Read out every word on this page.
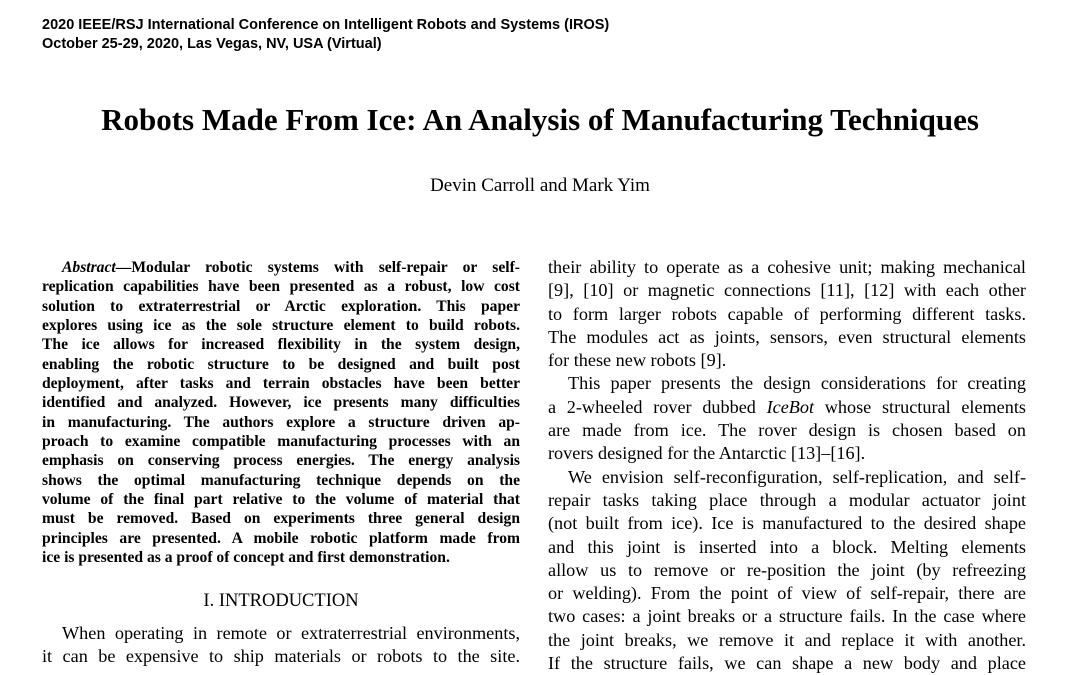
2020 IEEE/RSJ International Conference on Intelligent Robots and Systems (IROS)
October 25-29, 2020, Las Vegas, NV, USA (Virtual)
Robots Made From Ice: An Analysis of Manufacturing Techniques
Devin Carroll and Mark Yim
Abstract—Modular robotic systems with self-repair or self-
replication capabilities have been presented as a robust, low cost
solution to extraterrestrial or Arctic exploration. This paper
explores using ice as the sole structure element to build robots.
The ice allows for increased flexibility in the system design,
enabling the robotic structure to be designed and built post
deployment, after tasks and terrain obstacles have been better
identified and analyzed. However, ice presents many difficulties
in manufacturing. The authors explore a structure driven ap-
proach to examine compatible manufacturing processes with an
emphasis on conserving process energies. The energy analysis
shows the optimal manufacturing technique depends on the
volume of the final part relative to the volume of material that
must be removed. Based on experiments three general design
principles are presented. A mobile robotic platform made from
ice is presented as a proof of concept and first demonstration.
I. INTRODUCTION
When operating in remote or extraterrestrial environments,
it can be expensive to ship materials or robots to the site.
their ability to operate as a cohesive unit; making mechanical
[9], [10] or magnetic connections [11], [12] with each other
to form larger robots capable of performing different tasks.
The modules act as joints, sensors, even structural elements
for these new robots [9].
This paper presents the design considerations for creating
a 2-wheeled rover dubbed IceBot whose structural elements
are made from ice. The rover design is chosen based on
rovers designed for the Antarctic [13]–[16].
We envision self-reconfiguration, self-replication, and self-
repair tasks taking place through a modular actuator joint
(not built from ice). Ice is manufactured to the desired shape
and this joint is inserted into a block. Melting elements
allow us to remove or re-position the joint (by refreezing
or welding). From the point of view of self-repair, there are
two cases: a joint breaks or a structure fails. In the case where
the joint breaks, we remove it and replace it with another.
If the structure fails, we can shape a new body and place
